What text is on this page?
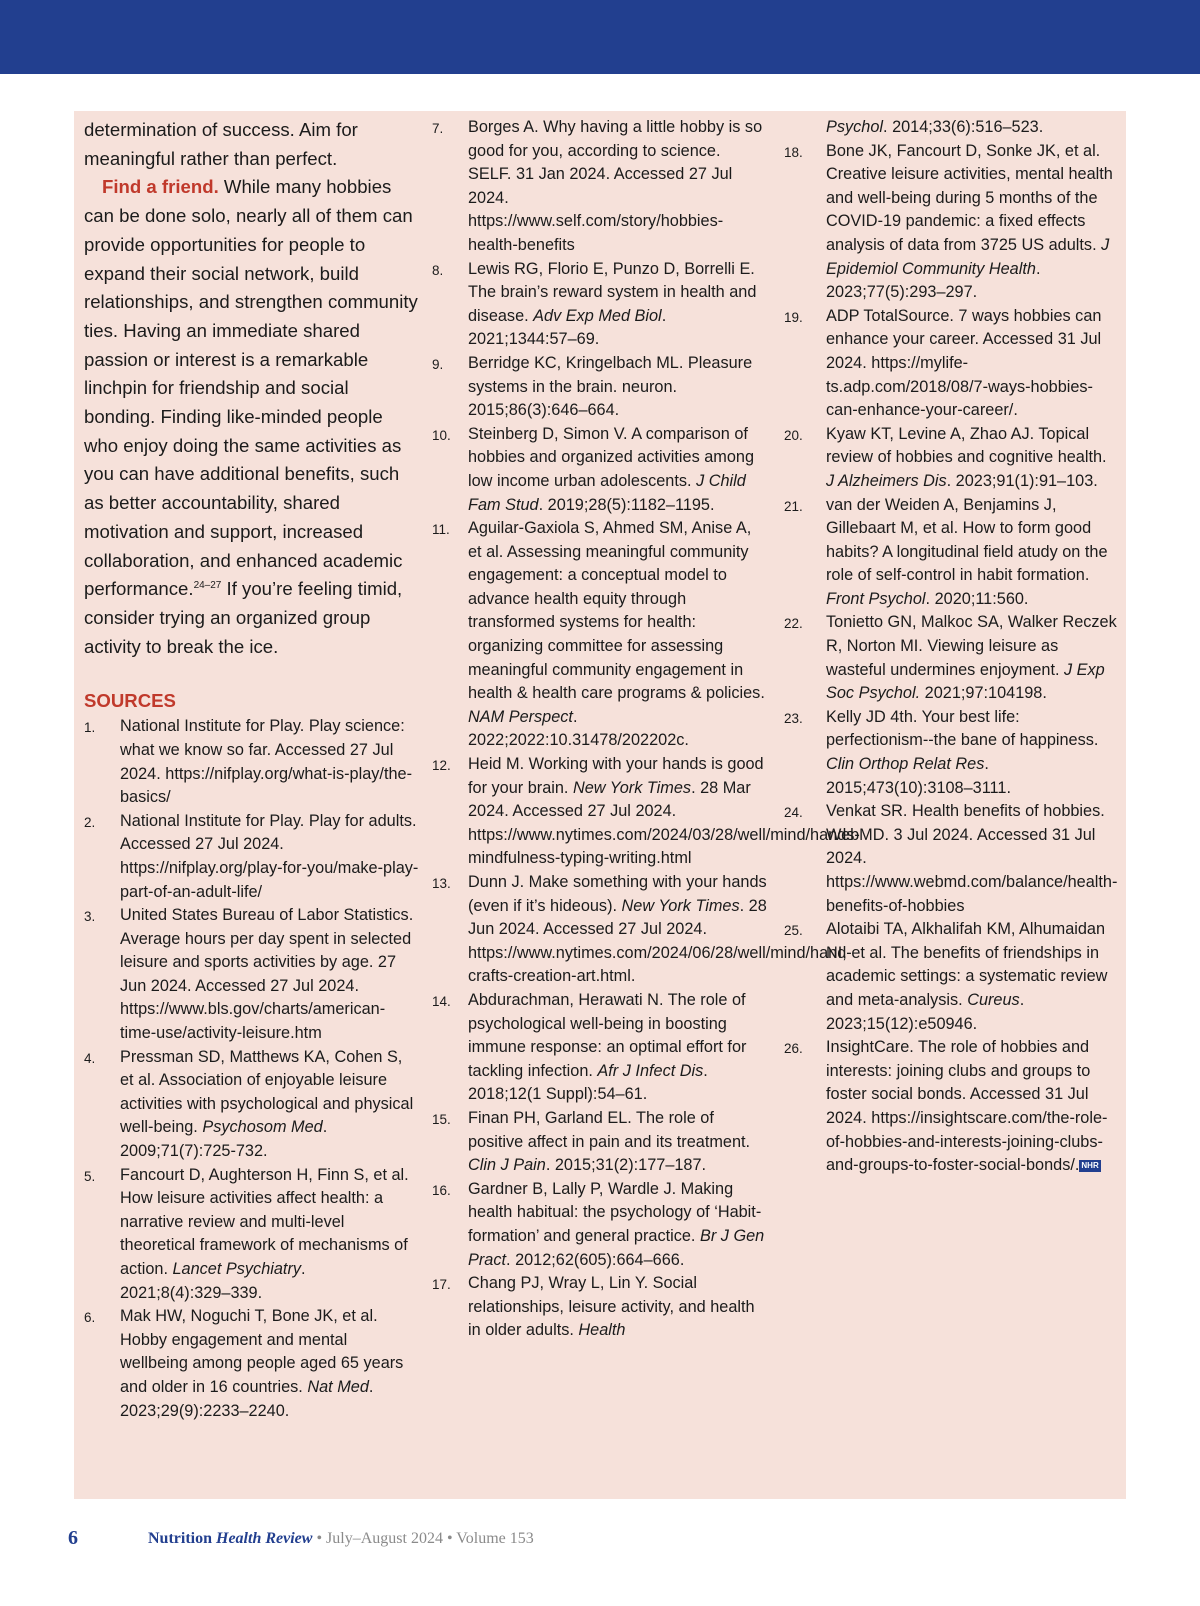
determination of success. Aim for meaningful rather than perfect.

Find a friend. While many hobbies can be done solo, nearly all of them can provide opportunities for people to expand their social network, build relationships, and strengthen community ties. Having an immediate shared passion or interest is a remarkable linchpin for friendship and social bonding. Finding like-minded people who enjoy doing the same activities as you can have additional benefits, such as better accountability, shared motivation and support, increased collaboration, and enhanced academic performance.$^{24-27}$ If you’re feeling timid, consider trying an organized group activity to break the ice.

SOURCES
1. National Institute for Play. Play science: what we know so far. Accessed 27 Jul 2024. https://nifplay.org/what-is-play/the-basics/
2. National Institute for Play. Play for adults. Accessed 27 Jul 2024. https://nifplay.org/play-for-you/make-play-part-of-an-adult-life/
3. United States Bureau of Labor Statistics. Average hours per day spent in selected leisure and sports activities by age. 27 Jun 2024. Accessed 27 Jul 2024. https://www.bls.gov/charts/american-time-use/activity-leisure.htm
4. Pressman SD, Matthews KA, Cohen S, et al. Association of enjoyable leisure activities with psychological and physical well-being. Psychosom Med. 2009;71(7):725-732.
5. Fancourt D, Aughterson H, Finn S, et al. How leisure activities affect health: a narrative review and multi-level theoretical framework of mechanisms of action. Lancet Psychiatry. 2021;8(4):329–339.
6. Mak HW, Noguchi T, Bone JK, et al. Hobby engagement and mental wellbeing among people aged 65 years and older in 16 countries. Nat Med. 2023;29(9):2233–2240.
7. Borges A. Why having a little hobby is so good for you, according to science. SELF. 31 Jan 2024. Accessed 27 Jul 2024. https://www.self.com/story/hobbies-health-benefits
8. Lewis RG, Florio E, Punzo D, Borrelli E. The brain’s reward system in health and disease. Adv Exp Med Biol. 2021;1344:57–69.
9. Berridge KC, Kringelbach ML. Pleasure systems in the brain. neuron. 2015;86(3):646–664.
10. Steinberg D, Simon V. A comparison of hobbies and organized activities among low income urban adolescents. J Child Fam Stud. 2019;28(5):1182–1195.
11. Aguilar-Gaxiola S, Ahmed SM, Anise A, et al. Assessing meaningful community engagement: a conceptual model to advance health equity through transformed systems for health: organizing committee for assessing meaningful community engagement in health & health care programs & policies. NAM Perspect. 2022;2022:10.31478/202202c.
12. Heid M. Working with your hands is good for your brain. New York Times. 28 Mar 2024. Accessed 27 Jul 2024. https://www.nytimes.com/2024/03/28/well/mind/hands-mindfulness-typing-writing.html
13. Dunn J. Make something with your hands (even if it’s hideous). New York Times. 28 Jun 2024. Accessed 27 Jul 2024. https://www.nytimes.com/2024/06/28/well/mind/hand-crafts-creation-art.html.
14. Abdurachman, Herawati N. The role of psychological well-being in boosting immune response: an optimal effort for tackling infection. Afr J Infect Dis. 2018;12(1 Suppl):54–61.
15. Finan PH, Garland EL. The role of positive affect in pain and its treatment. Clin J Pain. 2015;31(2):177–187.
16. Gardner B, Lally P, Wardle J. Making health habitual: the psychology of ‘Habit-formation’ and general practice. Br J Gen Pract. 2012;62(605):664–666.
17. Chang PJ, Wray L, Lin Y. Social relationships, leisure activity, and health in older adults. Health
Psychol. 2014;33(6):516–523.
18. Bone JK, Fancourt D, Sonke JK, et al. Creative leisure activities, mental health and well-being during 5 months of the COVID-19 pandemic: a fixed effects analysis of data from 3725 US adults. J Epidemiol Community Health. 2023;77(5):293–297.
19. ADP TotalSource. 7 ways hobbies can enhance your career. Accessed 31 Jul 2024. https://mylife-ts.adp.com/2018/08/7-ways-hobbies-can-enhance-your-career/.
20. Kyaw KT, Levine A, Zhao AJ. Topical review of hobbies and cognitive health. J Alzheimers Dis. 2023;91(1):91–103.
21. van der Weiden A, Benjamins J, Gillebaart M, et al. How to form good habits? A longitudinal field atudy on the role of self-control in habit formation. Front Psychol. 2020;11:560.
22. Tonietto GN, Malkoc SA, Walker Reczek R, Norton MI. Viewing leisure as wasteful undermines enjoyment. J Exp Soc Psychol. 2021;97:104198.
23. Kelly JD 4th. Your best life: perfectionism--the bane of happiness. Clin Orthop Relat Res. 2015;473(10):3108–3111.
24. Venkat SR. Health benefits of hobbies. WebMD. 3 Jul 2024. Accessed 31 Jul 2024. https://www.webmd.com/balance/health-benefits-of-hobbies
25. Alotaibi TA, Alkhalifah KM, Alhumaidan NI, et al. The benefits of friendships in academic settings: a systematic review and meta-analysis. Cureus. 2023;15(12):e50946.
26. InsightCare. The role of hobbies and interests: joining clubs and groups to foster social bonds. Accessed 31 Jul 2024. https://insightscare.com/the-role-of-hobbies-and-interests-joining-clubs-and-groups-to-foster-social-bonds/. NHR
6	Nutrition Health Review • July–August 2024 • Volume 153
